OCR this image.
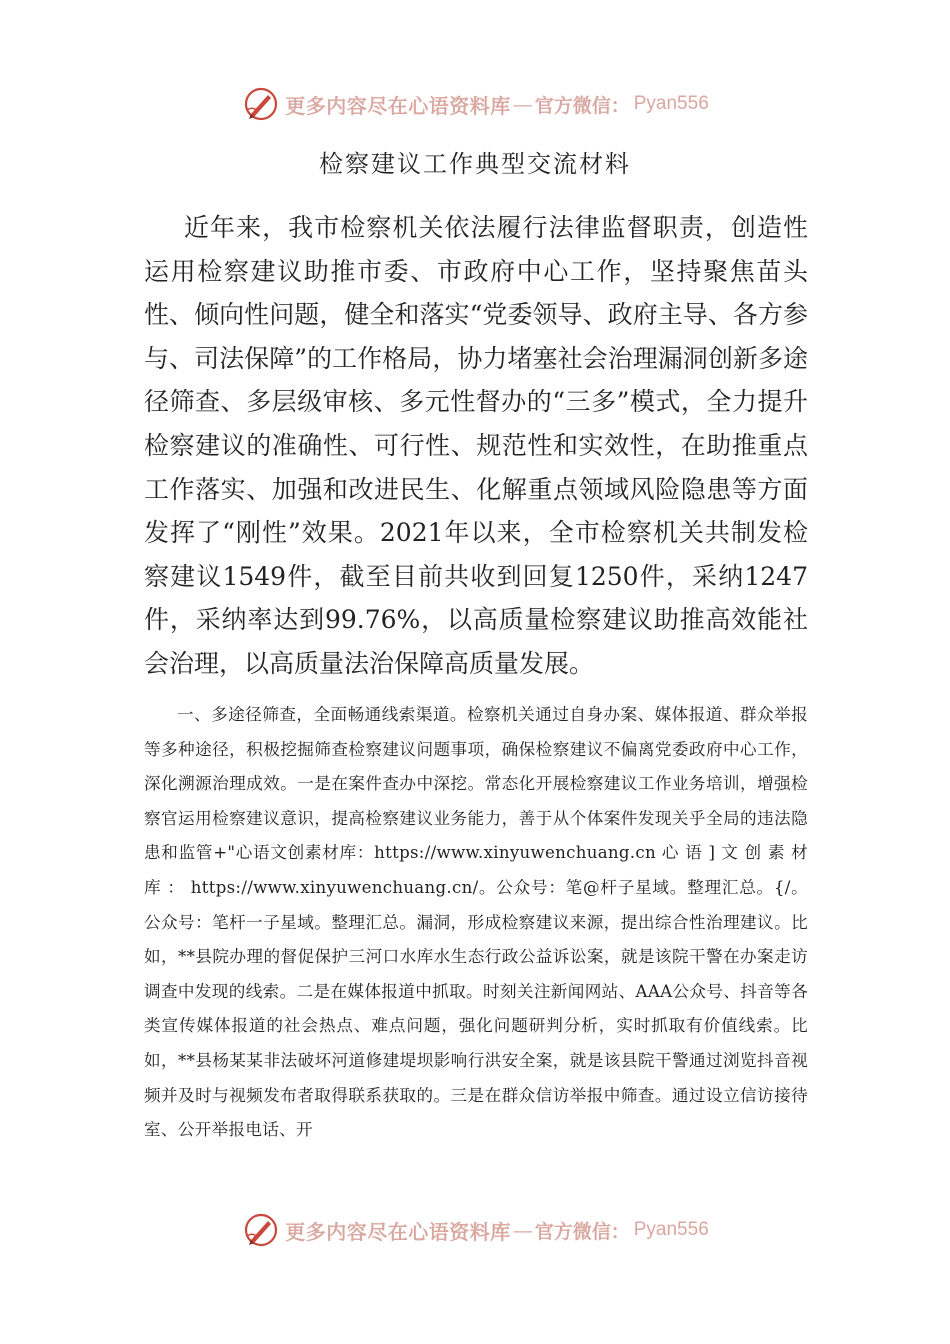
更多内容尽在心语资料库 — 官方微信： Pyan556
检察建议工作典型交流材料

近年来，我市检察机关依法履行法律监督职责，创造性运用检察建议助推市委、市政府中心工作，坚持聚焦苗头性、倾向性问题，健全和落实“党委领导、政府主导、各方参与、司法保障”的工作格局，协力堵塞社会治理漏洞创新多途径筛查、多层级审核、多元性督办的“三多”模式，全力提升检察建议的准确性、可行性、规范性和实效性，在助推重点工作落实、加强和改进民生、化解重点领域风险隐患等方面发挥了“刚性”效果。2021年以来，全市检察机关共制发检察建议1549件，截至目前共收到回复1250件，采纳1247件，采纳率达到99.76%，以高质量检察建议助推高效能社会治理，以高质量法治保障高质量发展。

一、多途径筛查，全面畅通线索渠道。检察机关通过自身办案、媒体报道、群众举报等多种途径，积极挖掘筛查检察建议问题事项，确保检察建议不偏离党委政府中心工作，深化溯源治理成效。一是在案件查办中深挖。常态化开展检察建议工作业务培训，增强检察官运用检察建议意识，提高检察建议业务能力，善于从个体案件发现关乎全局的违法隐患和监管+"心语文创素材库：https://www.xinyuwenchuang.cn 心 语 ] 文 创 素 材 库 ： https://www.xinyuwenchuang.cn/。公众号：笔@杆子星域。整理汇总。{/。公众号：笔杆一子星域。整理汇总。漏洞，形成检察建议来源，提出综合性治理建议。比如，**县院办理的督促保护三河口水库水生态行政公益诉讼案，就是该院干警在办案走访调查中发现的线索。二是在媒体报道中抓取。时刻关注新闻网站、AAA公众号、抖音等各类宣传媒体报道的社会热点、难点问题，强化问题研判分析，实时抓取有价值线索。比如，**县杨某某非法破坏河道修建堤坝影响行洪安全案，就是该县院干警通过浏览抖音视频并及时与视频发布者取得联系获取的。三是在群众信访举报中筛查。通过设立信访接待室、公开举报电话、开

更多内容尽在心语资料库 — 官方微信： Pyan556
